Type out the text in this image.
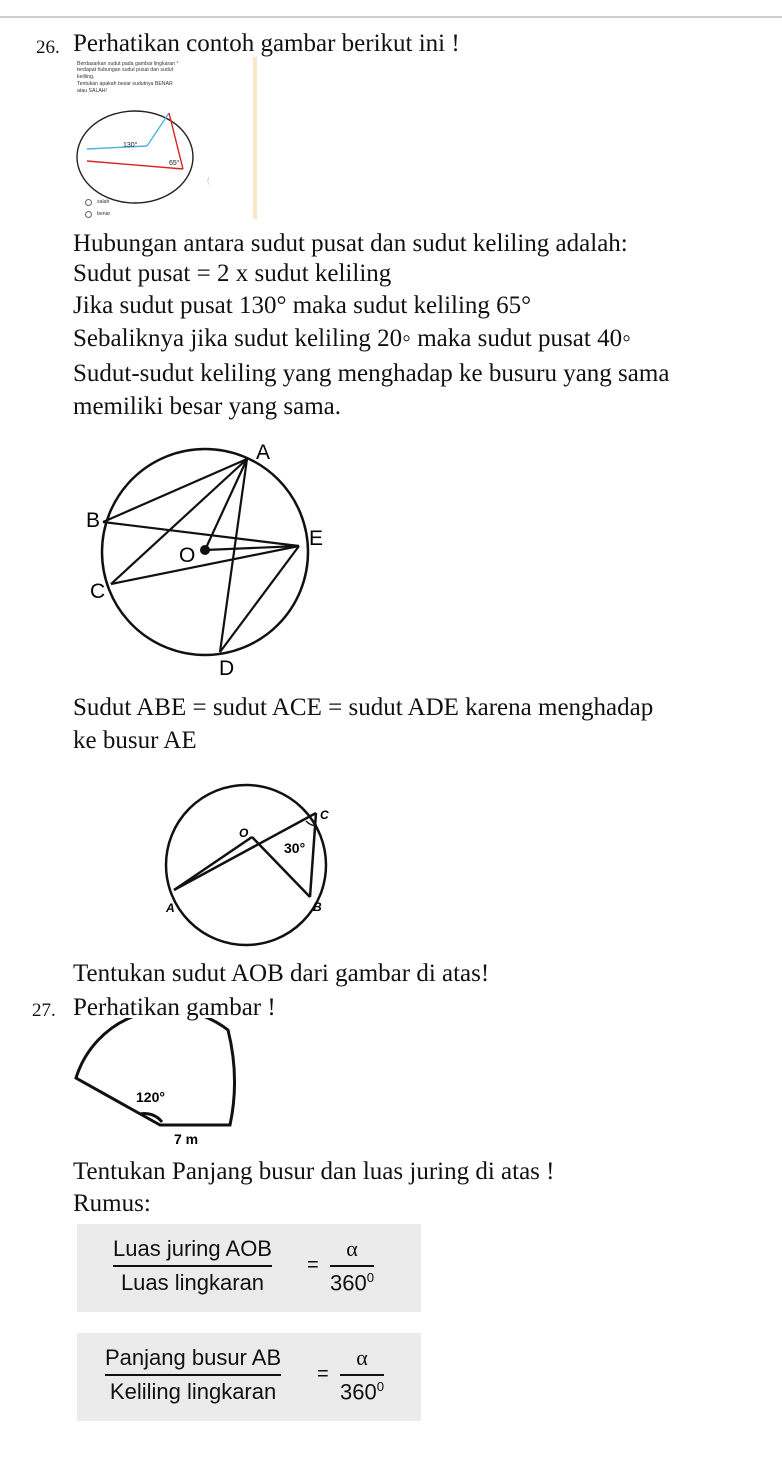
26. Perhatikan contoh gambar berikut ini !
Berdasarkan sudut pada gambar lingkaran *
terdapat hubungan sudut pusat dan sudut
keliling.
Tentukan apakah besar sudutnya BENAR
atau SALAH!
130°
65°
(
salah
benar
Hubungan antara sudut pusat dan sudut keliling adalah:
Sudut pusat = 2 x sudut keliling
Jika sudut pusat 130° maka sudut keliling 65°
Sebaliknya jika sudut keliling 20◦ maka sudut pusat 40◦
Sudut-sudut keliling yang menghadap ke busuru yang sama
memiliki besar yang sama.
A
B
O
E
C
D
Sudut ABE = sudut ACE = sudut ADE karena menghadap
ke busur AE
O
A	B
C
30°
Tentukan sudut AOB dari gambar di atas!
27. Perhatikan gambar !
120°
7 m
Tentukan Panjang busur dan luas juring di atas !
Rumus:
Luas juring AOB
Luas lingkaran
=
α
$360^0$
Panjang busur AB
Keliling lingkaran
=
α
$360^0$
